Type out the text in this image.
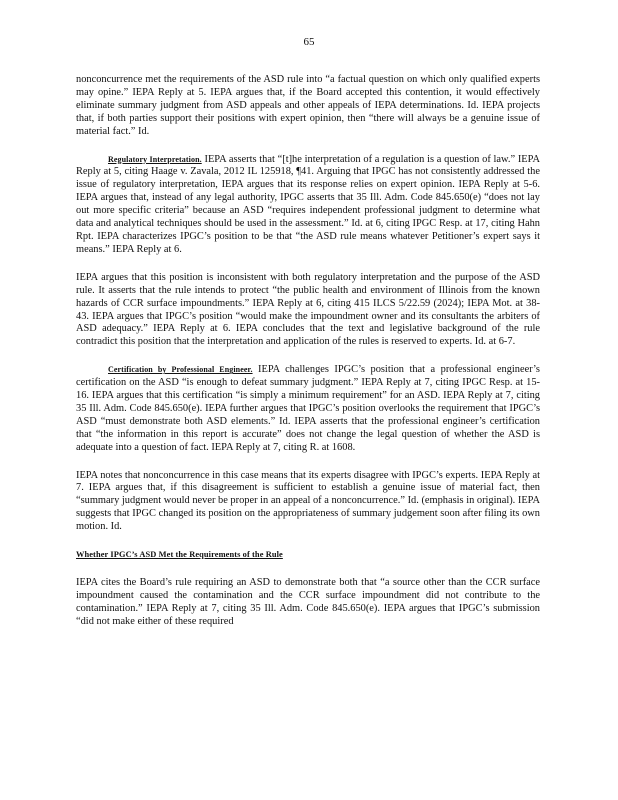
65

nonconcurrence met the requirements of the ASD rule into “a factual question on which only qualified experts may opine.” IEPA Reply at 5. IEPA argues that, if the Board accepted this contention, it would effectively eliminate summary judgment from ASD appeals and other appeals of IEPA determinations. Id. IEPA projects that, if both parties support their positions with expert opinion, then “there will always be a genuine issue of material fact.” Id.

Regulatory Interpretation. IEPA asserts that “[t]he interpretation of a regulation is a question of law.” IEPA Reply at 5, citing Haage v. Zavala, 2012 IL 125918, ¶41. Arguing that IPGC has not consistently addressed the issue of regulatory interpretation, IEPA argues that its response relies on expert opinion. IEPA Reply at 5-6. IEPA argues that, instead of any legal authority, IPGC asserts that 35 Ill. Adm. Code 845.650(e) “does not lay out more specific criteria” because an ASD “requires independent professional judgment to determine what data and analytical techniques should be used in the assessment.” Id. at 6, citing IPGC Resp. at 17, citing Hahn Rpt. IEPA characterizes IPGC’s position to be that “the ASD rule means whatever Petitioner’s expert says it means.” IEPA Reply at 6.

IEPA argues that this position is inconsistent with both regulatory interpretation and the purpose of the ASD rule. It asserts that the rule intends to protect “the public health and environment of Illinois from the known hazards of CCR surface impoundments.” IEPA Reply at 6, citing 415 ILCS 5/22.59 (2024); IEPA Mot. at 38-43. IEPA argues that IPGC’s position “would make the impoundment owner and its consultants the arbiters of ASD adequacy.” IEPA Reply at 6. IEPA concludes that the text and legislative background of the rule contradict this position that the interpretation and application of the rules is reserved to experts. Id. at 6-7.

Certification by Professional Engineer. IEPA challenges IPGC’s position that a professional engineer’s certification on the ASD “is enough to defeat summary judgment.” IEPA Reply at 7, citing IPGC Resp. at 15-16. IEPA argues that this certification “is simply a minimum requirement” for an ASD. IEPA Reply at 7, citing 35 Ill. Adm. Code 845.650(e). IEPA further argues that IPGC’s position overlooks the requirement that IPGC’s ASD “must demonstrate both ASD elements.” Id. IEPA asserts that the professional engineer’s certification that “the information in this report is accurate” does not change the legal question of whether the ASD is adequate into a question of fact. IEPA Reply at 7, citing R. at 1608.

IEPA notes that nonconcurrence in this case means that its experts disagree with IPGC’s experts. IEPA Reply at 7. IEPA argues that, if this disagreement is sufficient to establish a genuine issue of material fact, then “summary judgment would never be proper in an appeal of a nonconcurrence.” Id. (emphasis in original). IEPA suggests that IPGC changed its position on the appropriateness of summary judgement soon after filing its own motion. Id.

Whether IPGC’s ASD Met the Requirements of the Rule

IEPA cites the Board’s rule requiring an ASD to demonstrate both that “a source other than the CCR surface impoundment caused the contamination and the CCR surface impoundment did not contribute to the contamination.” IEPA Reply at 7, citing 35 Ill. Adm. Code 845.650(e). IEPA argues that IPGC’s submission “did not make either of these required
